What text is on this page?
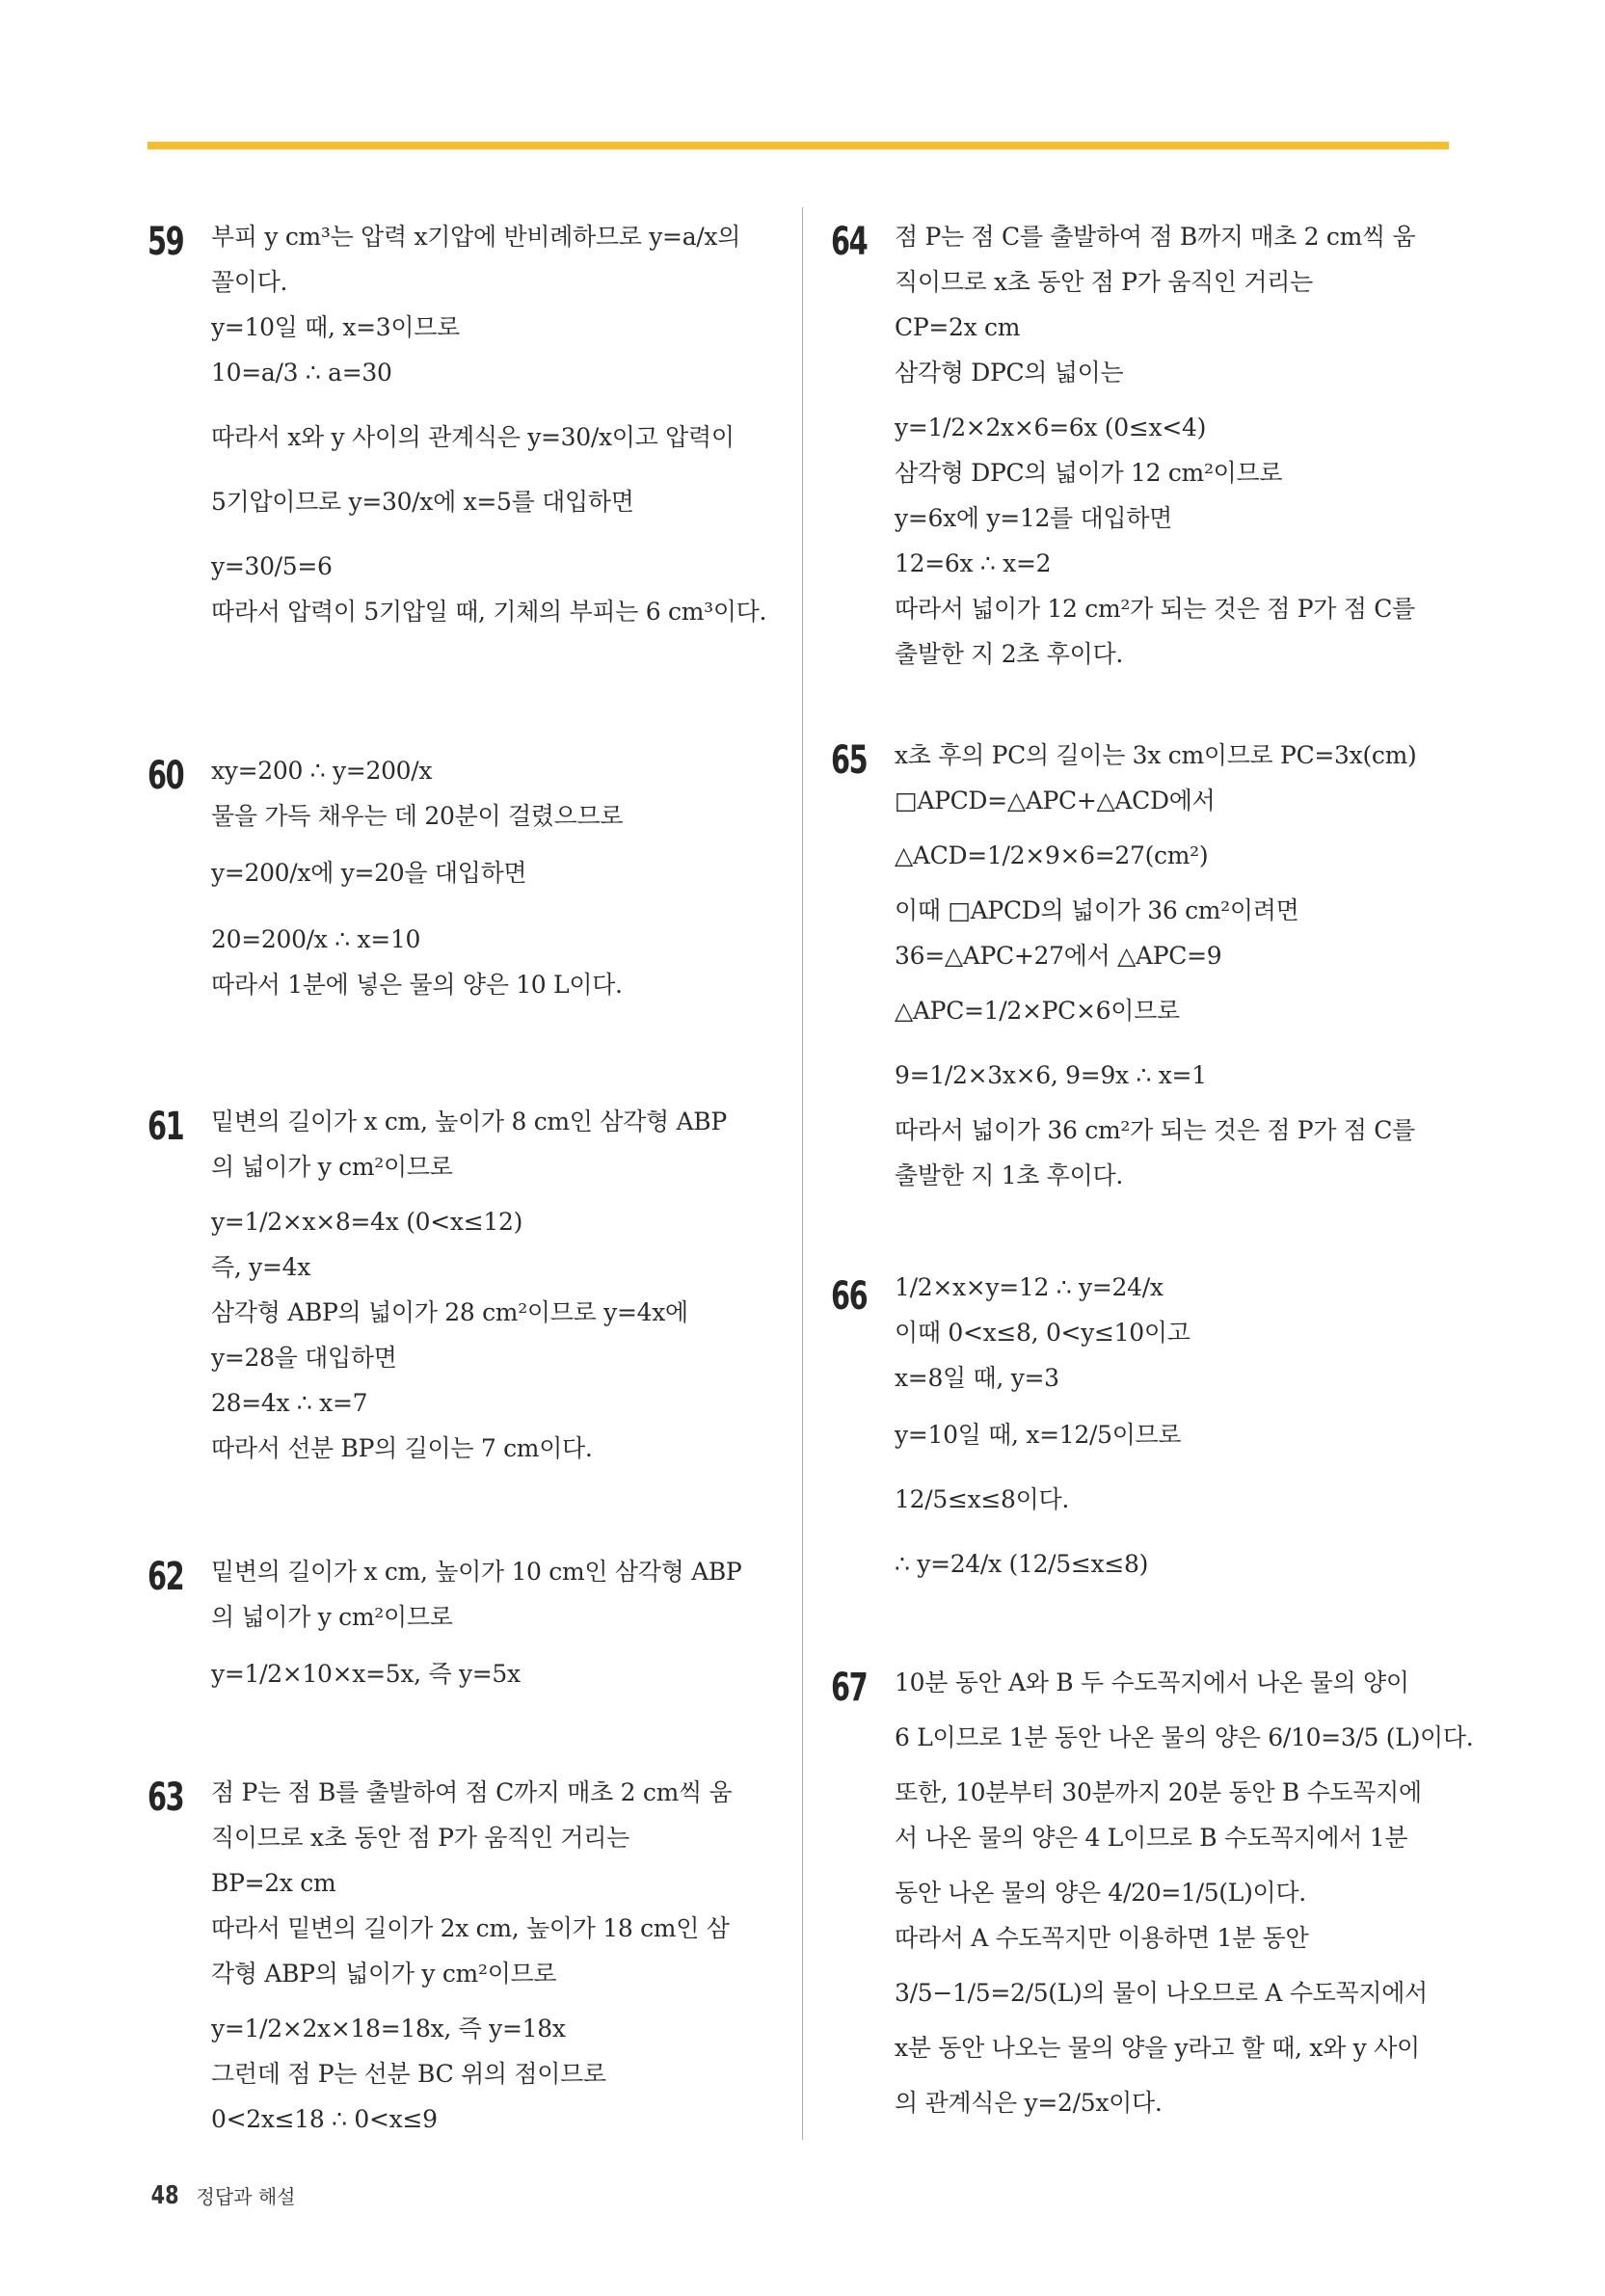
59 부피 y cm³는 압력 x기압에 반비례하므로 y=a/x의
꼴이다.
y=10일 때, x=3이므로
10=a/3 ∴ a=30
따라서 x와 y 사이의 관계식은 y=30/x이고 압력이
5기압이므로 y=30/x에 x=5를 대입하면
y=30/5=6
따라서 압력이 5기압일 때, 기체의 부피는 6 cm³이다.
60 xy=200 ∴ y=200/x
물을 가득 채우는 데 20분이 걸렸으므로
y=200/x에 y=20을 대입하면
20=200/x ∴ x=10
따라서 1분에 넣은 물의 양은 10 L이다.
61 밑변의 길이가 x cm, 높이가 8 cm인 삼각형 ABP
의 넓이가 y cm²이므로
y=1/2×x×8=4x (0<x≤12)
즉, y=4x
삼각형 ABP의 넓이가 28 cm²이므로 y=4x에
y=28을 대입하면
28=4x ∴ x=7
따라서 선분 BP의 길이는 7 cm이다.
62 밑변의 길이가 x cm, 높이가 10 cm인 삼각형 ABP
의 넓이가 y cm²이므로
y=1/2×10×x=5x, 즉 y=5x
63 점 P는 점 B를 출발하여 점 C까지 매초 2 cm씩 움
직이므로 x초 동안 점 P가 움직인 거리는
BP=2x cm
따라서 밑변의 길이가 2x cm, 높이가 18 cm인 삼
각형 ABP의 넓이가 y cm²이므로
y=1/2×2x×18=18x, 즉 y=18x
그런데 점 P는 선분 BC 위의 점이므로
0<2x≤18 ∴ 0<x≤9
64 점 P는 점 C를 출발하여 점 B까지 매초 2 cm씩 움
직이므로 x초 동안 점 P가 움직인 거리는
CP=2x cm
삼각형 DPC의 넓이는
y=1/2×2x×6=6x (0≤x<4)
삼각형 DPC의 넓이가 12 cm²이므로
y=6x에 y=12를 대입하면
12=6x ∴ x=2
따라서 넓이가 12 cm²가 되는 것은 점 P가 점 C를
출발한 지 2초 후이다.
65 x초 후의 PC의 길이는 3x cm이므로 PC=3x(cm)
□APCD=△APC+△ACD에서
△ACD=1/2×9×6=27(cm²)
이때 □APCD의 넓이가 36 cm²이려면
36=△APC+27에서 △APC=9
△APC=1/2×PC×6이므로
9=1/2×3x×6, 9=9x ∴ x=1
따라서 넓이가 36 cm²가 되는 것은 점 P가 점 C를
출발한 지 1초 후이다.
66 1/2×x×y=12 ∴ y=24/x
이때 0<x≤8, 0<y≤10이고
x=8일 때, y=3
y=10일 때, x=12/5이므로
12/5≤x≤8이다.
∴ y=24/x (12/5≤x≤8)
67 10분 동안 A와 B 두 수도꼭지에서 나온 물의 양이
6 L이므로 1분 동안 나온 물의 양은 6/10=3/5 (L)이다.
또한, 10분부터 30분까지 20분 동안 B 수도꼭지에
서 나온 물의 양은 4 L이므로 B 수도꼭지에서 1분
동안 나온 물의 양은 4/20=1/5(L)이다.
따라서 A 수도꼭지만 이용하면 1분 동안
3/5−1/5=2/5(L)의 물이 나오므로 A 수도꼭지에서
x분 동안 나오는 물의 양을 y라고 할 때, x와 y 사이
의 관계식은 y=2/5x이다.
48 정답과 해설
